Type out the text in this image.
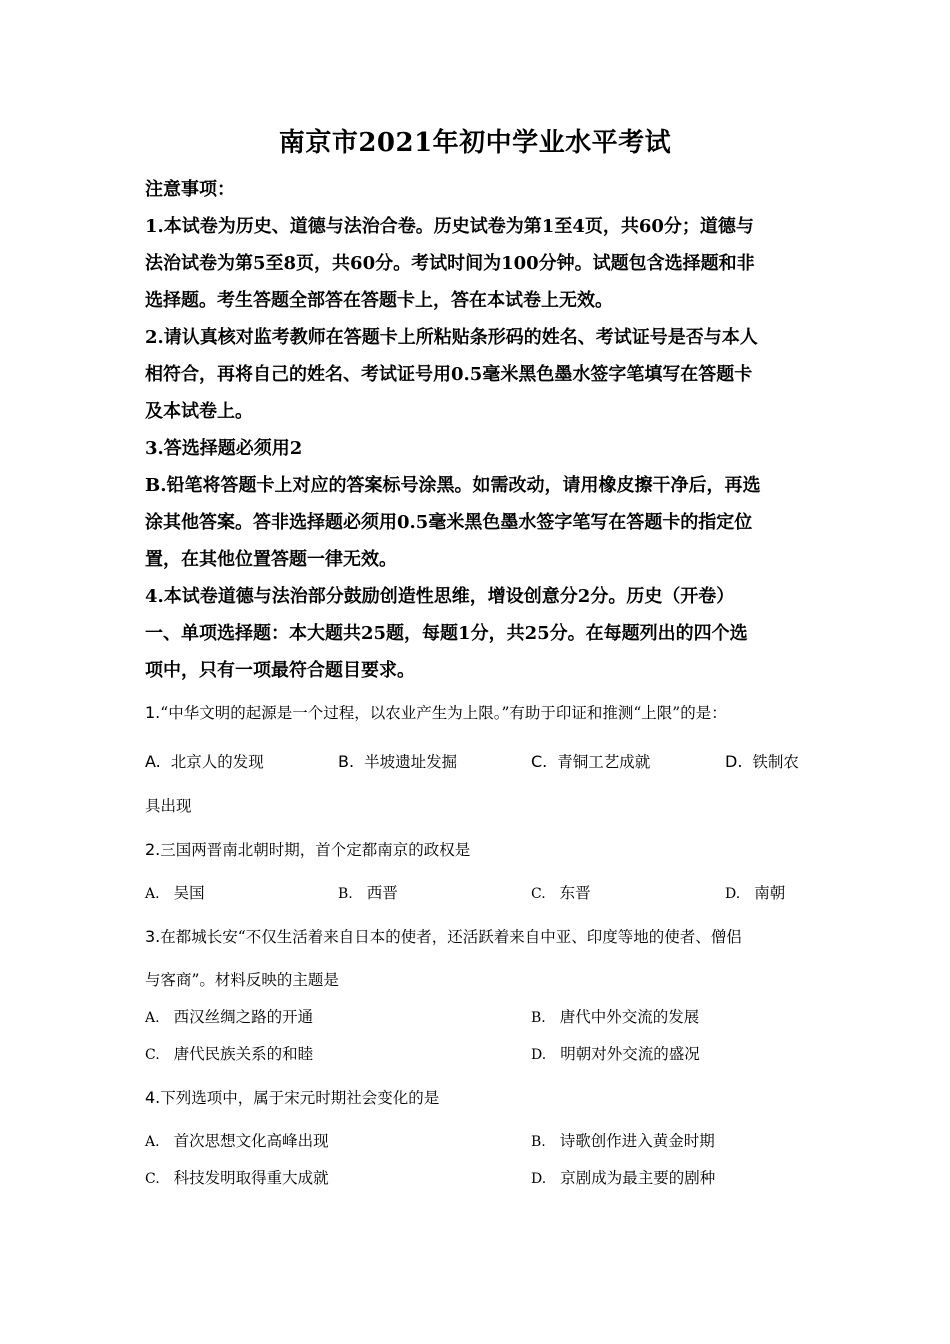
南京市2021年初中学业水平考试

注意事项：

1.本试卷为历史、道德与法治合卷。历史试卷为第1至4页，共60分；道德与

法治试卷为第5至8页，共60分。考试时间为100分钟。试题包含选择题和非

选择题。考生答题全部答在答题卡上，答在本试卷上无效。

2.请认真核对监考教师在答题卡上所粘贴条形码的姓名、考试证号是否与本人

相符合，再将自己的姓名、考试证号用0.5毫米黑色墨水签字笔填写在答题卡

及本试卷上。

3.答选择题必须用2

B.铅笔将答题卡上对应的答案标号涂黑。如需改动，请用橡皮擦干净后，再选

涂其他答案。答非选择题必须用0.5毫米黑色墨水签字笔写在答题卡的指定位

置，在其他位置答题一律无效。

4.本试卷道德与法治部分鼓励创造性思维，增设创意分2分。历史（开卷）

一、单项选择题：本大题共25题，每题1分，共25分。在每题列出的四个选

项中，只有一项最符合题目要求。

1.“中华文明的起源是一个过程，以农业产生为上限。”有助于印证和推测“上限”的是：
A. 北京人的发现	B. 半坡遗址发掘	C. 青铜工艺成就	D. 铁制农
具出现
2.三国两晋南北朝时期，首个定都南京的政权是
A. 吴国	B. 西晋	C. 东晋	D. 南朝
3.在都城长安“不仅生活着来自日本的使者，还活跃着来自中亚、印度等地的使者、僧侣
与客商”。材料反映的主题是
A. 西汉丝绸之路的开通	B. 唐代中外交流的发展
C. 唐代民族关系的和睦	D. 明朝对外交流的盛况
4.下列选项中，属于宋元时期社会变化的是
A. 首次思想文化高峰出现	B. 诗歌创作进入黄金时期
C. 科技发明取得重大成就	D. 京剧成为最主要的剧种
